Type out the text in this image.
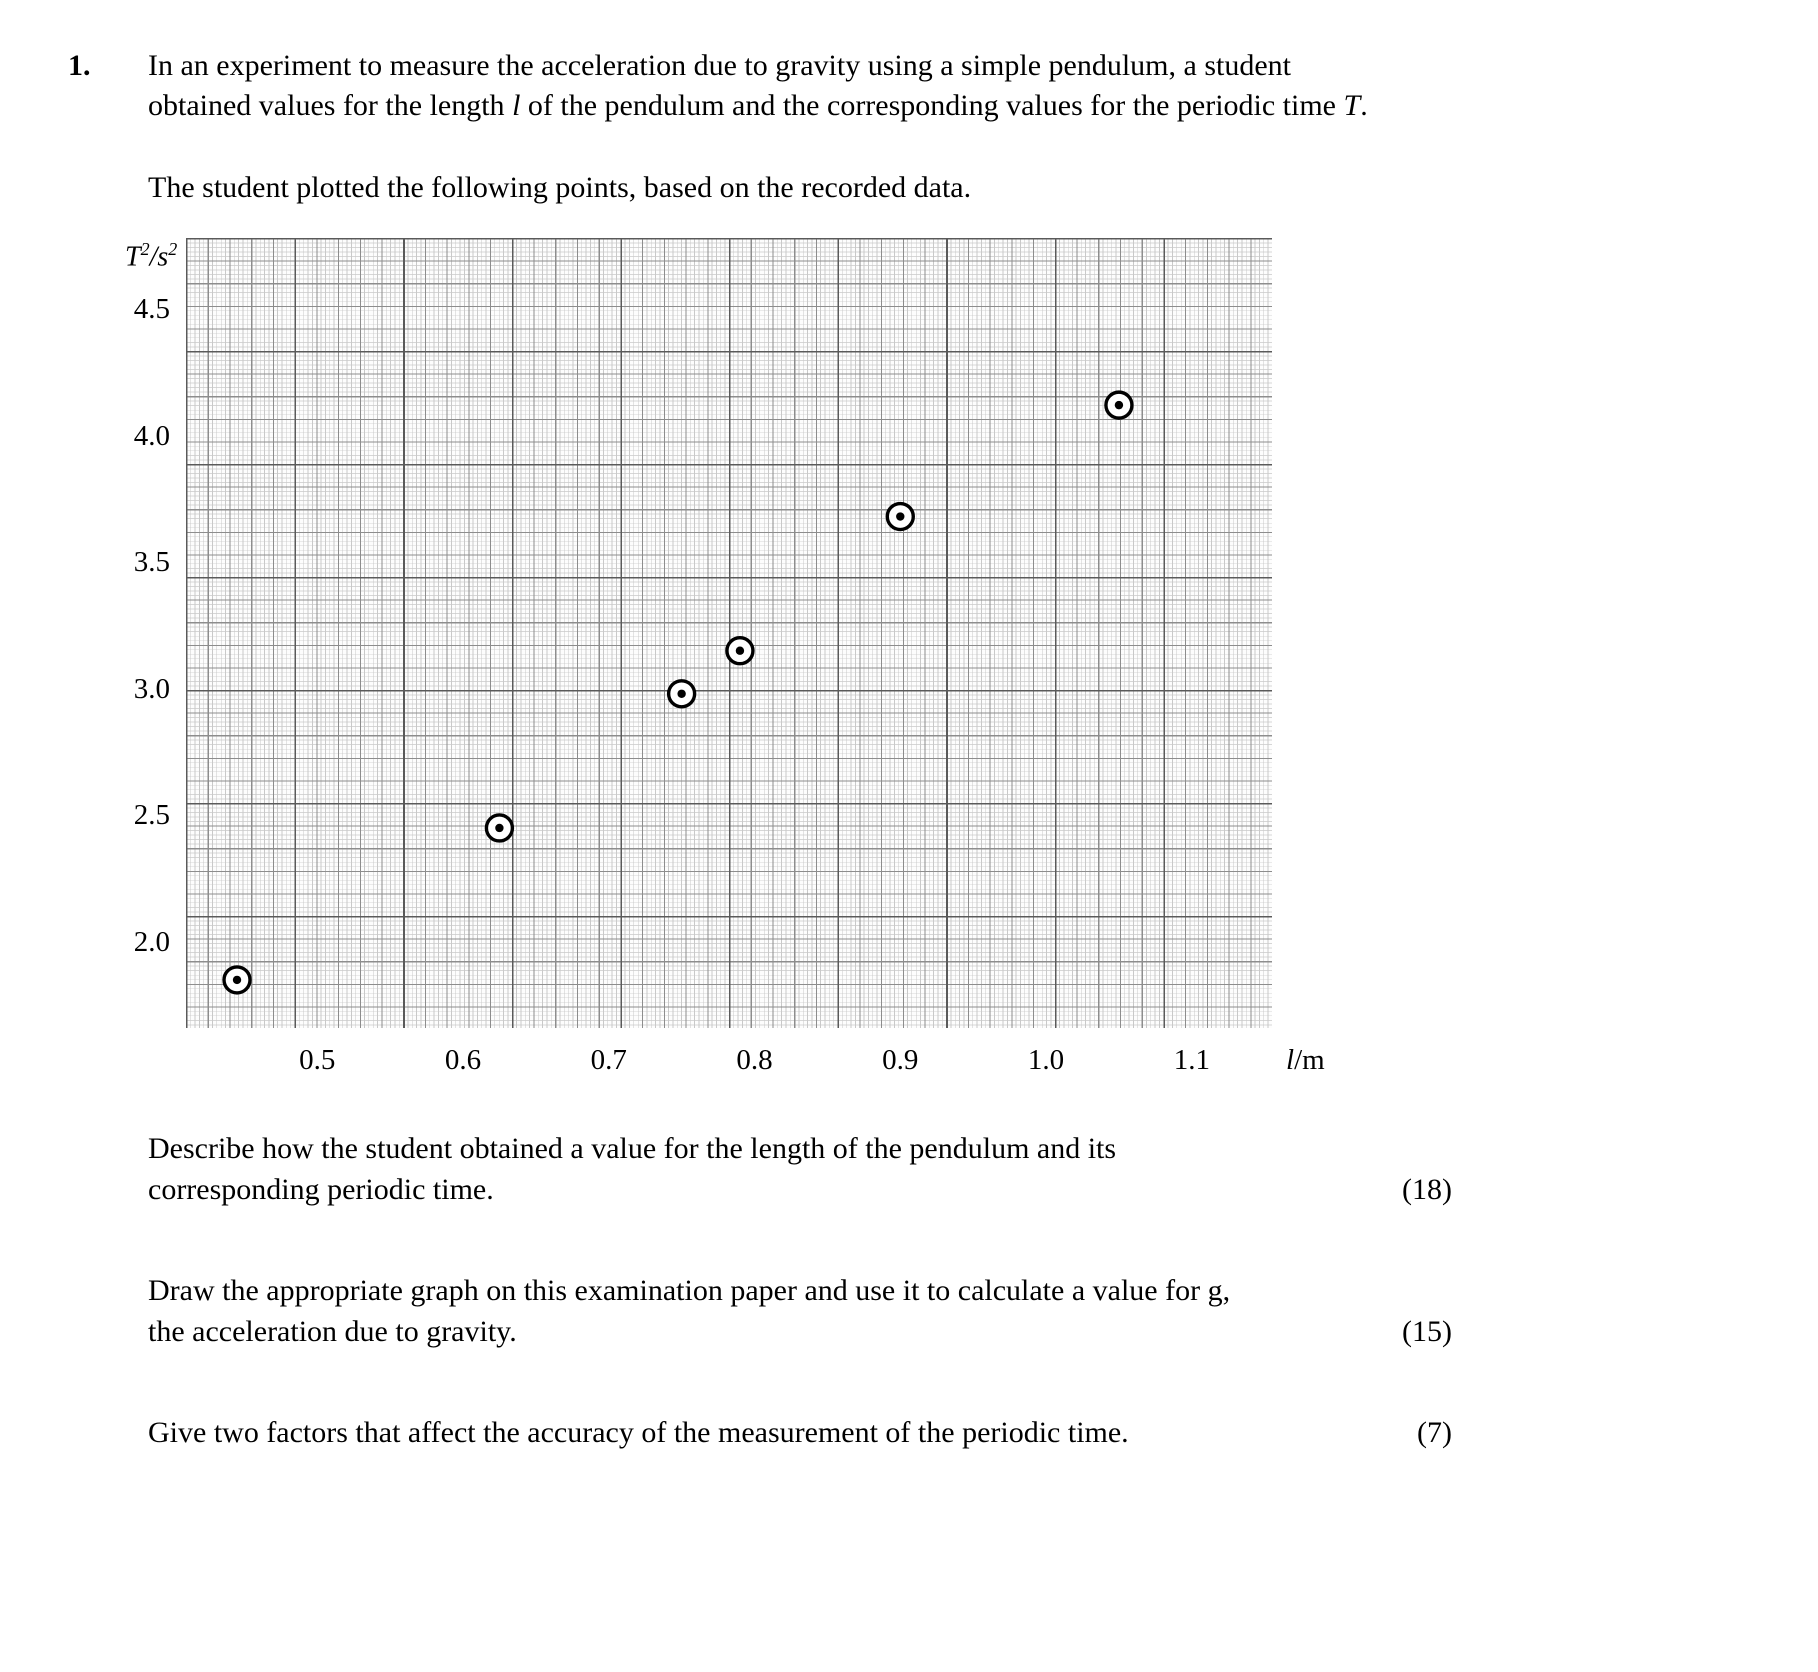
1. In an experiment to measure the acceleration due to gravity using a simple pendulum, a student
obtained values for the length l of the pendulum and the corresponding values for the periodic time T.
The student plotted the following points, based on the recorded data.
$T^2/s^2$
2.0
2.5
3.0
3.5
4.0
4.5
0.5	0.6	0.7	0.8	0.9	1.0	1.1	l/m
Describe how the student obtained a value for the length of the pendulum and its
corresponding periodic time.	(18)
Draw the appropriate graph on this examination paper and use it to calculate a value for g,
the acceleration due to gravity.	(15)
Give two factors that affect the accuracy of the measurement of the periodic time.	(7)
